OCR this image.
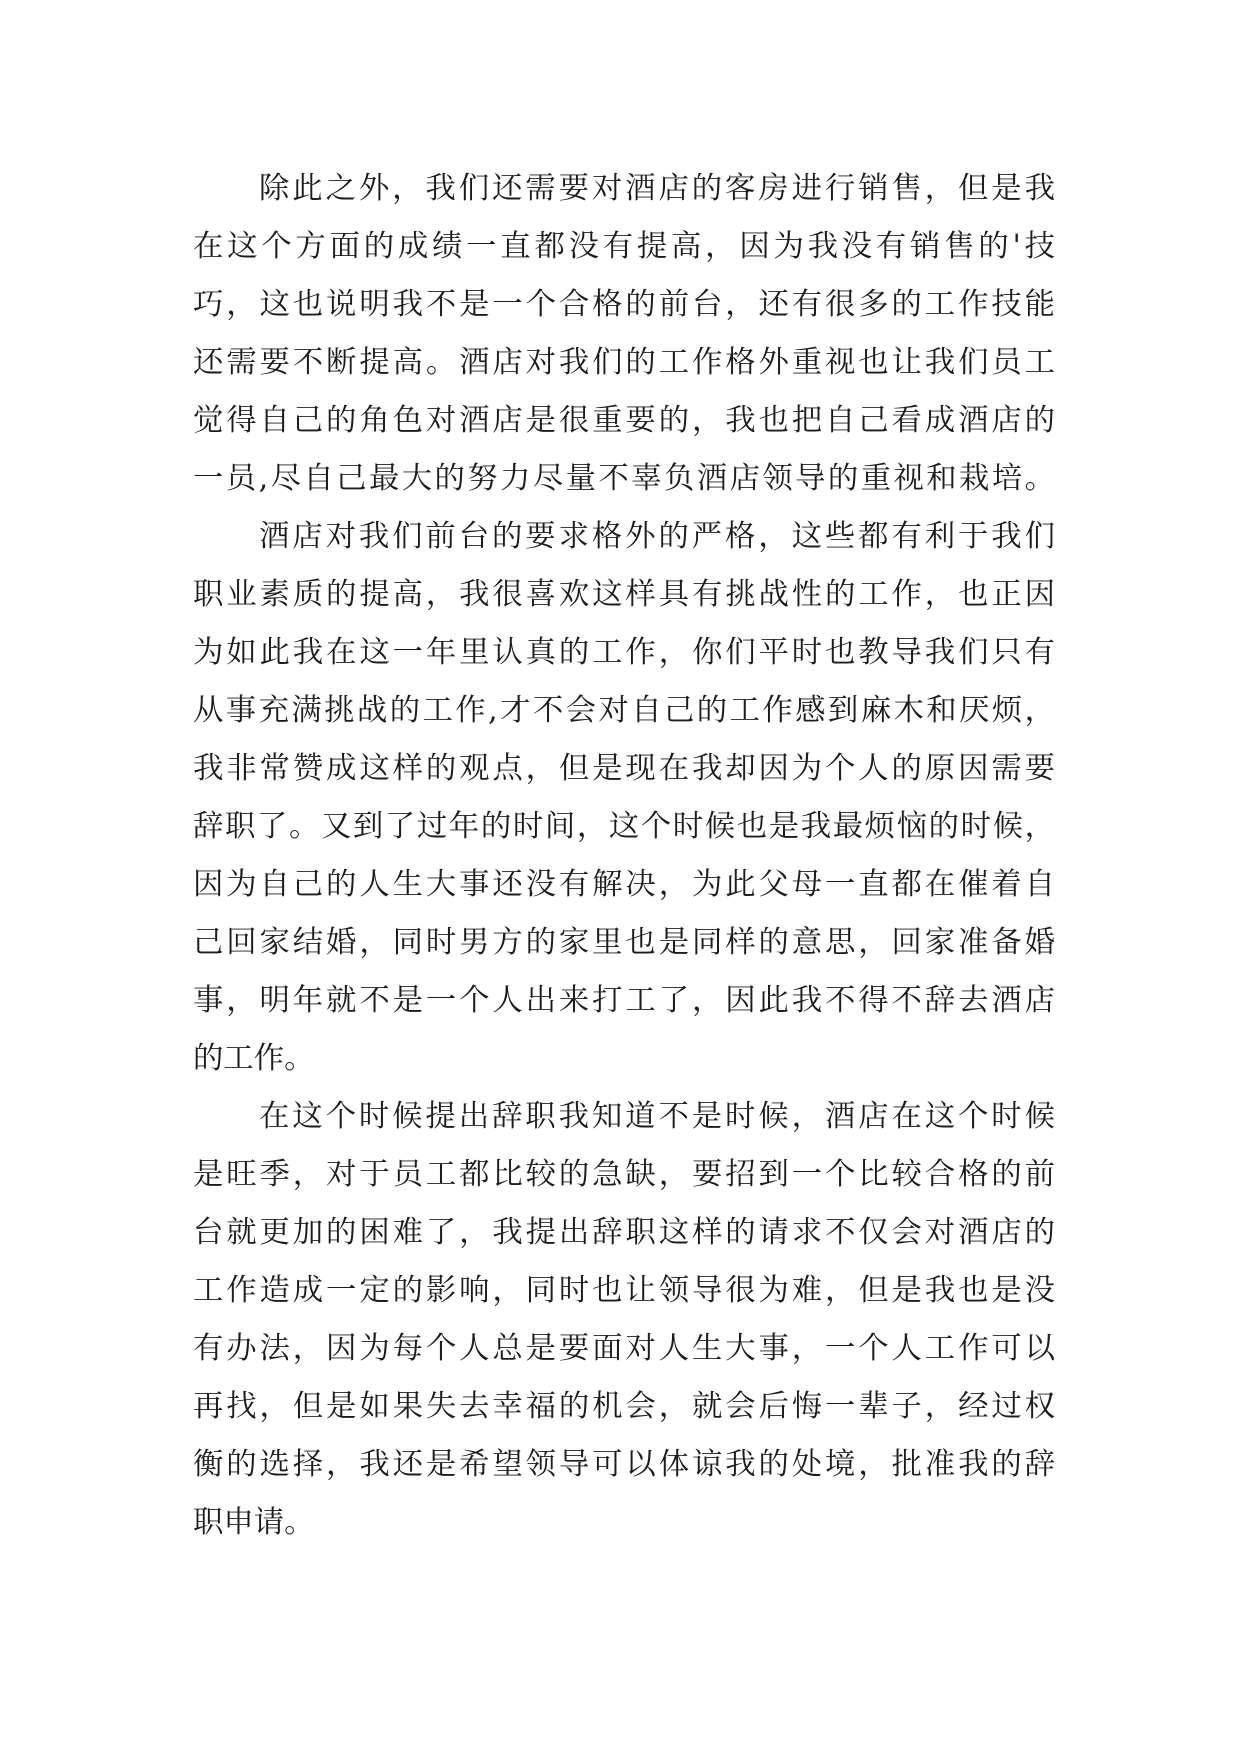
除此之外，我们还需要对酒店的客房进行销售，但是我
在这个方面的成绩一直都没有提高，因为我没有销售的'技
巧，这也说明我不是一个合格的前台，还有很多的工作技能
还需要不断提高。酒店对我们的工作格外重视也让我们员工
觉得自己的角色对酒店是很重要的，我也把自己看成酒店的
一员,尽自己最大的努力尽量不辜负酒店领导的重视和栽培。
酒店对我们前台的要求格外的严格，这些都有利于我们
职业素质的提高，我很喜欢这样具有挑战性的工作，也正因
为如此我在这一年里认真的工作，你们平时也教导我们只有
从事充满挑战的工作,才不会对自己的工作感到麻木和厌烦，
我非常赞成这样的观点，但是现在我却因为个人的原因需要
辞职了。又到了过年的时间，这个时候也是我最烦恼的时候，
因为自己的人生大事还没有解决，为此父母一直都在催着自
己回家结婚，同时男方的家里也是同样的意思，回家准备婚
事，明年就不是一个人出来打工了，因此我不得不辞去酒店
的工作。
在这个时候提出辞职我知道不是时候，酒店在这个时候
是旺季，对于员工都比较的急缺，要招到一个比较合格的前
台就更加的困难了，我提出辞职这样的请求不仅会对酒店的
工作造成一定的影响，同时也让领导很为难，但是我也是没
有办法，因为每个人总是要面对人生大事，一个人工作可以
再找，但是如果失去幸福的机会，就会后悔一辈子，经过权
衡的选择，我还是希望领导可以体谅我的处境，批准我的辞
职申请。
